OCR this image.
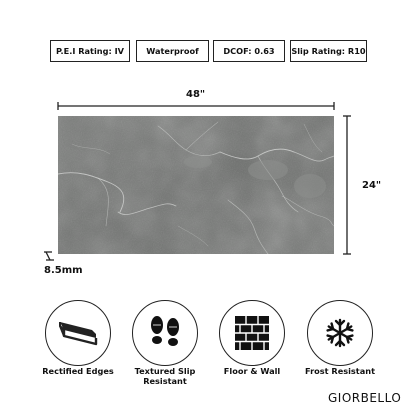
P.E.I Rating: IV	Waterproof	DCOF: 0.63	Slip Rating: R10
48"
24"
8.5mm
Rectified Edges	Textured Slip Resistant
Floor & Wall	Frost Resistant
GIORBELLO
